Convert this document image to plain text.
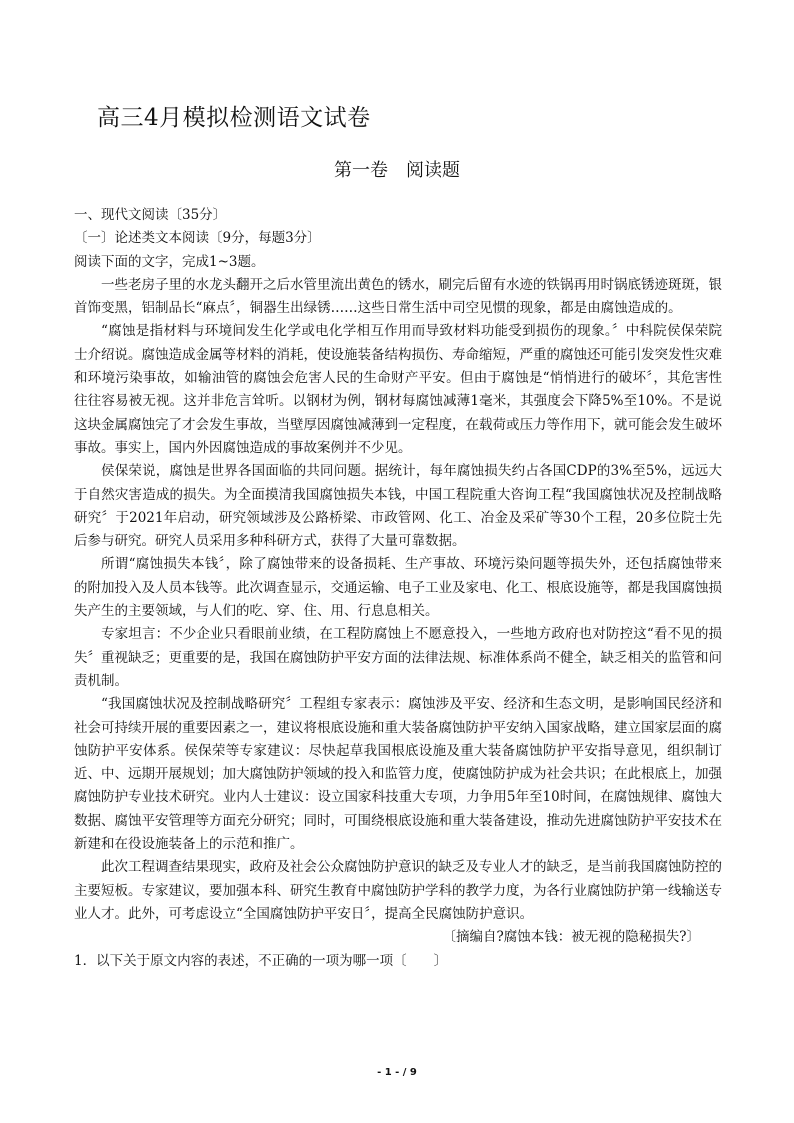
高三4月模拟检测语文试卷
第一卷　阅读题

一、现代文阅读〔35分〕

〔一〕论述类文本阅读〔9分，每题3分〕

阅读下面的文字，完成1~3题。

一些老房子里的水龙头翻开之后水管里流出黄色的锈水，刷完后留有水迹的铁锅再用时锅底锈迹斑斑，银首饰变黑，铝制品长“麻点〞，铜器生出绿锈……这些日常生活中司空见惯的现象，都是由腐蚀造成的。

“腐蚀是指材料与环境间发生化学或电化学相互作用而导致材料功能受到损伤的现象。〞中科院侯保荣院士介绍说。腐蚀造成金属等材料的消耗，使设施装备结构损伤、寿命缩短，严重的腐蚀还可能引发突发性灾难和环境污染事故，如输油管的腐蚀会危害人民的生命财产平安。但由于腐蚀是“悄悄进行的破坏〞，其危害性往往容易被无视。这并非危言耸听。以钢材为例，钢材每腐蚀减薄1毫米，其强度会下降5%至10%。不是说这块金属腐蚀完了才会发生事故，当壁厚因腐蚀减薄到一定程度，在载荷或压力等作用下，就可能会发生破坏事故。事实上，国内外因腐蚀造成的事故案例并不少见。

侯保荣说，腐蚀是世界各国面临的共同问题。据统计，每年腐蚀损失约占各国CDP的3%至5%，远远大于自然灾害造成的损失。为全面摸清我国腐蚀损失本钱，中国工程院重大咨询工程“我国腐蚀状况及控制战略研究〞于2021年启动，研究领域涉及公路桥梁、市政管网、化工、冶金及采矿等30个工程，20多位院士先后参与研究。研究人员采用多种科研方式，获得了大量可靠数据。

所谓“腐蚀损失本钱〞，除了腐蚀带来的设备损耗、生产事故、环境污染问题等损失外，还包括腐蚀带来的附加投入及人员本钱等。此次调查显示，交通运输、电子工业及家电、化工、根底设施等，都是我国腐蚀损失产生的主要领域，与人们的吃、穿、住、用、行息息相关。

专家坦言：不少企业只看眼前业绩，在工程防腐蚀上不愿意投入，一些地方政府也对防控这“看不见的损失〞重视缺乏；更重要的是，我国在腐蚀防护平安方面的法律法规、标准体系尚不健全，缺乏相关的监管和问责机制。

“我国腐蚀状况及控制战略研究〞工程组专家表示：腐蚀涉及平安、经济和生态文明，是影响国民经济和社会可持续开展的重要因素之一，建议将根底设施和重大装备腐蚀防护平安纳入国家战略，建立国家层面的腐蚀防护平安体系。侯保荣等专家建议：尽快起草我国根底设施及重大装备腐蚀防护平安指导意见，组织制订近、中、远期开展规划；加大腐蚀防护领域的投入和监管力度，使腐蚀防护成为社会共识；在此根底上，加强腐蚀防护专业技术研究。业内人士建议：设立国家科技重大专项，力争用5年至10时间，在腐蚀规律、腐蚀大数据、腐蚀平安管理等方面充分研究；同时，可围绕根底设施和重大装备建设，推动先进腐蚀防护平安技术在新建和在役设施装备上的示范和推广。

此次工程调查结果现实，政府及社会公众腐蚀防护意识的缺乏及专业人才的缺乏，是当前我国腐蚀防控的主要短板。专家建议，要加强本科、研究生教育中腐蚀防护学科的教学力度，为各行业腐蚀防护第一线输送专业人才。此外，可考虑设立“全国腐蚀防护平安日〞，提高全民腐蚀防护意识。

〔摘编自?腐蚀本钱：被无视的隐秘损失?〕

1．以下关于原文内容的表述，不正确的一项为哪一项〔　　〕

- 1 - / 9
